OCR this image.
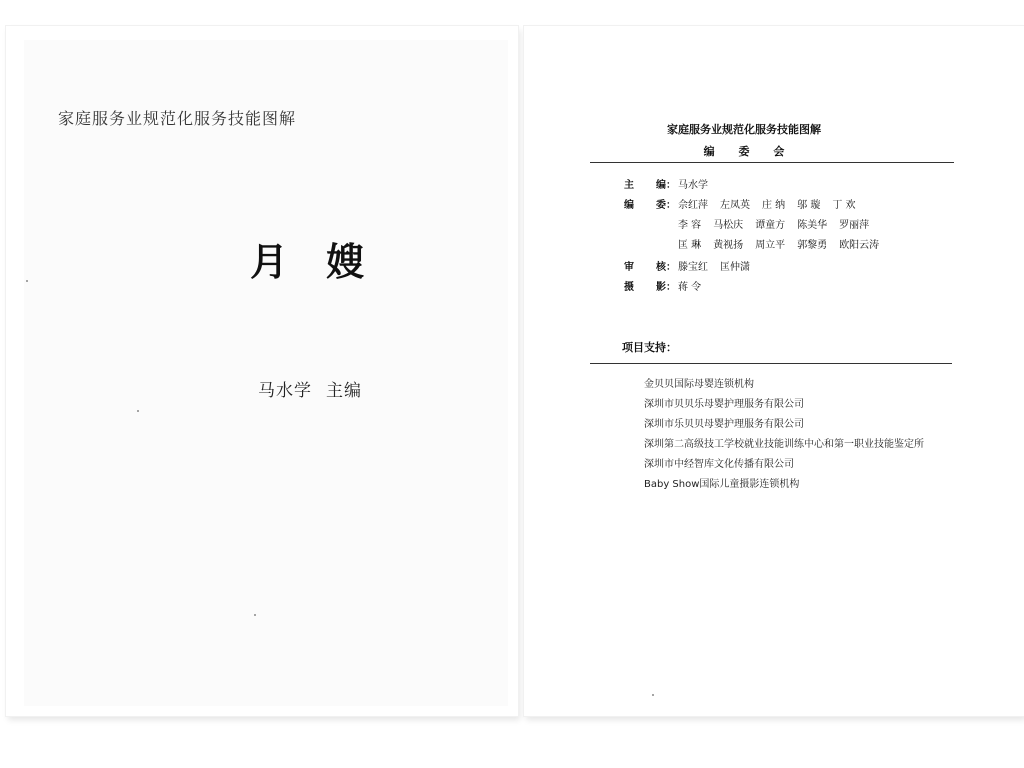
家庭服务业规范化服务技能图解
月嫂
马水学 主编
家庭服务业规范化服务技能图解
编 委 会
主编： 马水学
编委： 佘红萍 左凤英 庄 纳 邬 璇 丁 欢
李 容 马松庆 谭童方 陈美华 罗丽萍
匡 琳 黄视扬 周立平 郭黎勇 欧阳云涛
审核： 滕宝红 匡仲潇
摄影： 蒋 令
项目支持：
金贝贝国际母婴连锁机构
深圳市贝贝乐母婴护理服务有限公司
深圳市乐贝贝母婴护理服务有限公司
深圳第二高级技工学校就业技能训练中心和第一职业技能鉴定所
深圳市中经智库文化传播有限公司
Baby Show国际儿童摄影连锁机构
